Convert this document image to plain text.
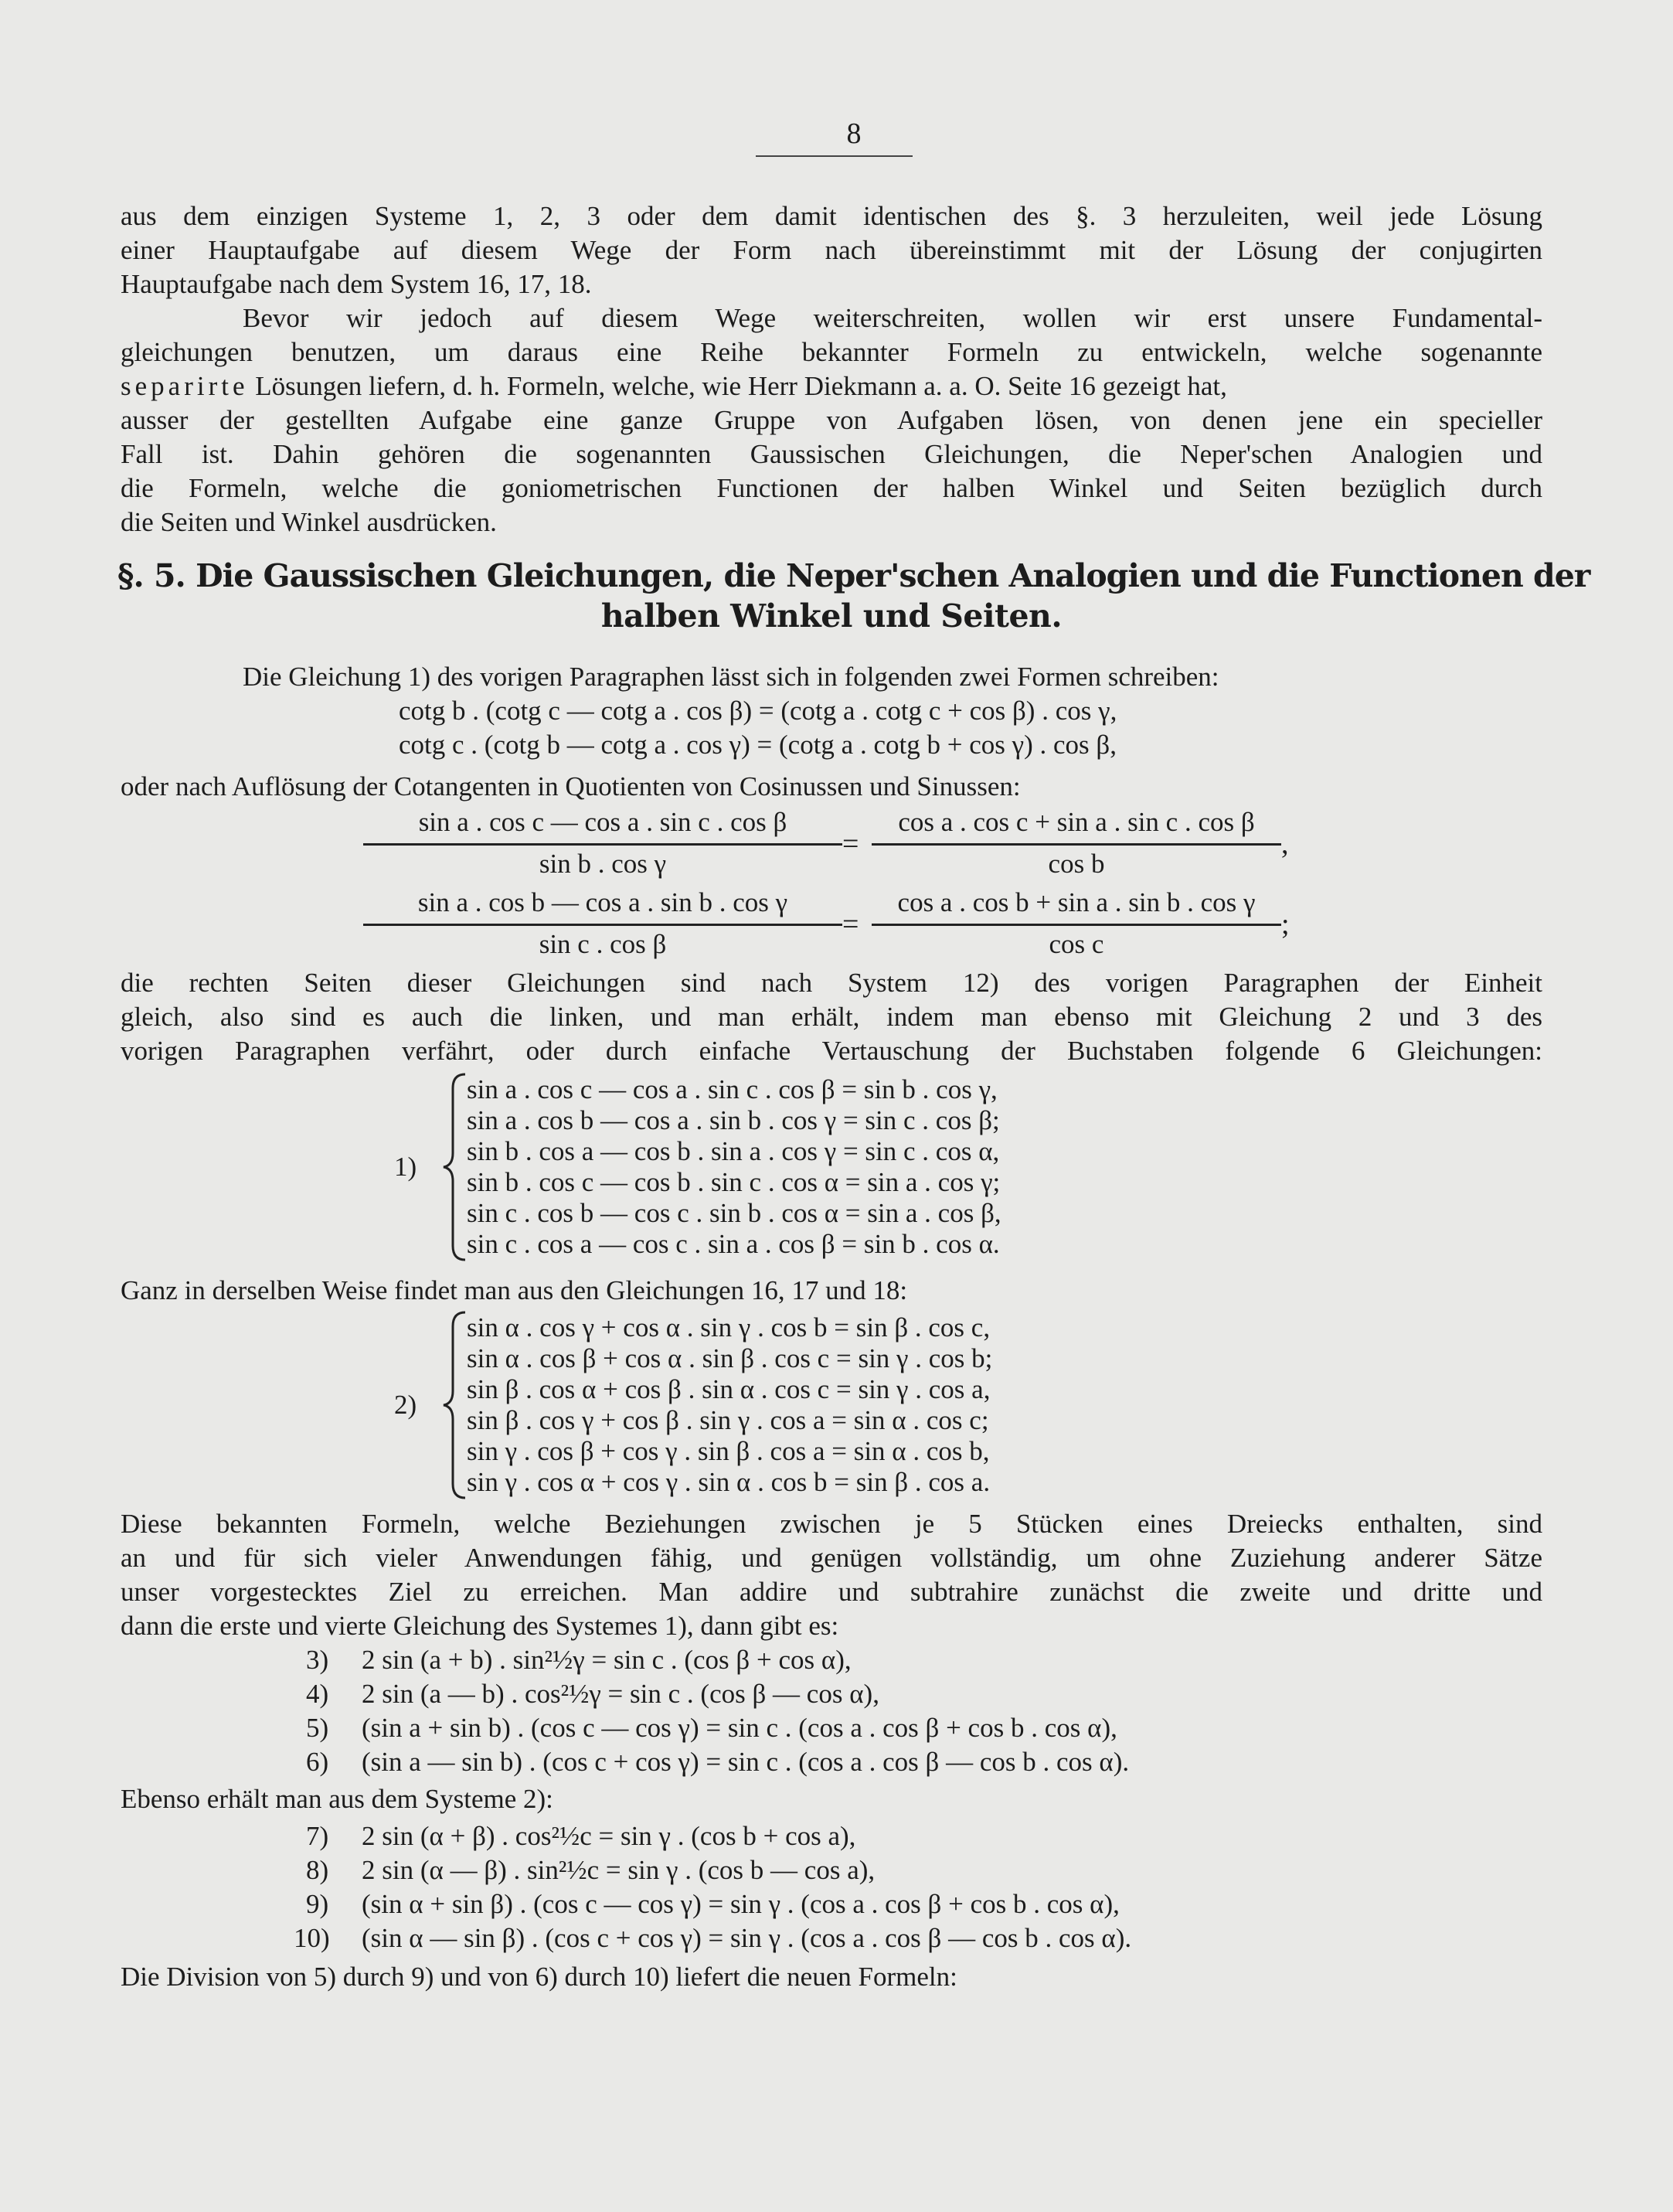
8
aus dem einzigen Systeme 1, 2, 3 oder dem damit identischen des §. 3 herzuleiten, weil jede Lösung
einer Hauptaufgabe auf diesem Wege der Form nach übereinstimmt mit der Lösung der conjugirten
Hauptaufgabe nach dem System 16, 17, 18.
Bevor wir jedoch auf diesem Wege weiterschreiten, wollen wir erst unsere Fundamental-
gleichungen benutzen, um daraus eine Reihe bekannter Formeln zu entwickeln, welche sogenannte
separirte Lösungen liefern, d. h. Formeln, welche, wie Herr Diekmann a. a. O. Seite 16 gezeigt hat,
ausser der gestellten Aufgabe eine ganze Gruppe von Aufgaben lösen, von denen jene ein specieller
Fall ist. Dahin gehören die sogenannten Gaussischen Gleichungen, die Neper'schen Analogien und
die Formeln, welche die goniometrischen Functionen der halben Winkel und Seiten bezüglich durch
die Seiten und Winkel ausdrücken.
§. 5. Die Gaussischen Gleichungen, die Neper'schen Analogien und die Functionen der
halben Winkel und Seiten.
Die Gleichung 1) des vorigen Paragraphen lässt sich in folgenden zwei Formen schreiben:
cotg b . (cotg c — cotg a . cos β) = (cotg a . cotg c + cos β) . cos γ,
cotg c . (cotg b — cotg a . cos γ) = (cotg a . cotg b + cos γ) . cos β,
oder nach Auflösung der Cotangenten in Quotienten von Cosinussen und Sinussen:
sin a . cos c — cos a . sin c . cos β
sin b . cos γ
=
cos a . cos c + sin a . sin c . cos β
cos b
,
sin a . cos b — cos a . sin b . cos γ
sin c . cos β
=
cos a . cos b + sin a . sin b . cos γ
cos c
;
die rechten Seiten dieser Gleichungen sind nach System 12) des vorigen Paragraphen der Einheit
gleich, also sind es auch die linken, und man erhält, indem man ebenso mit Gleichung 2 und 3 des
vorigen Paragraphen verfährt, oder durch einfache Vertauschung der Buchstaben folgende 6 Gleichungen:
1)
sin a . cos c — cos a . sin c . cos β = sin b . cos γ,
sin a . cos b — cos a . sin b . cos γ = sin c . cos β;
sin b . cos a — cos b . sin a . cos γ = sin c . cos α,
sin b . cos c — cos b . sin c . cos α = sin a . cos γ;
sin c . cos b — cos c . sin b . cos α = sin a . cos β,
sin c . cos a — cos c . sin a . cos β = sin b . cos α.
Ganz in derselben Weise findet man aus den Gleichungen 16, 17 und 18:
2)
sin α . cos γ + cos α . sin γ . cos b = sin β . cos c,
sin α . cos β + cos α . sin β . cos c = sin γ . cos b;
sin β . cos α + cos β . sin α . cos c = sin γ . cos a,
sin β . cos γ + cos β . sin γ . cos a = sin α . cos c;
sin γ . cos β + cos γ . sin β . cos a = sin α . cos b,
sin γ . cos α + cos γ . sin α . cos b = sin β . cos a.
Diese bekannten Formeln, welche Beziehungen zwischen je 5 Stücken eines Dreiecks enthalten, sind
an und für sich vieler Anwendungen fähig, und genügen vollständig, um ohne Zuziehung anderer Sätze
unser vorgestecktes Ziel zu erreichen. Man addire und subtrahire zunächst die zweite und dritte und
dann die erste und vierte Gleichung des Systemes 1), dann gibt es:
3) 2 sin (a + b) . sin²½γ = sin c . (cos β + cos α),
4) 2 sin (a — b) . cos²½γ = sin c . (cos β — cos α),
5) (sin a + sin b) . (cos c — cos γ) = sin c . (cos a . cos β + cos b . cos α),
6) (sin a — sin b) . (cos c + cos γ) = sin c . (cos a . cos β — cos b . cos α).
Ebenso erhält man aus dem Systeme 2):
7) 2 sin (α + β) . cos²½c = sin γ . (cos b + cos a),
8) 2 sin (α — β) . sin²½c = sin γ . (cos b — cos a),
9) (sin α + sin β) . (cos c — cos γ) = sin γ . (cos a . cos β + cos b . cos α),
10) (sin α — sin β) . (cos c + cos γ) = sin γ . (cos a . cos β — cos b . cos α).
Die Division von 5) durch 9) und von 6) durch 10) liefert die neuen Formeln:
